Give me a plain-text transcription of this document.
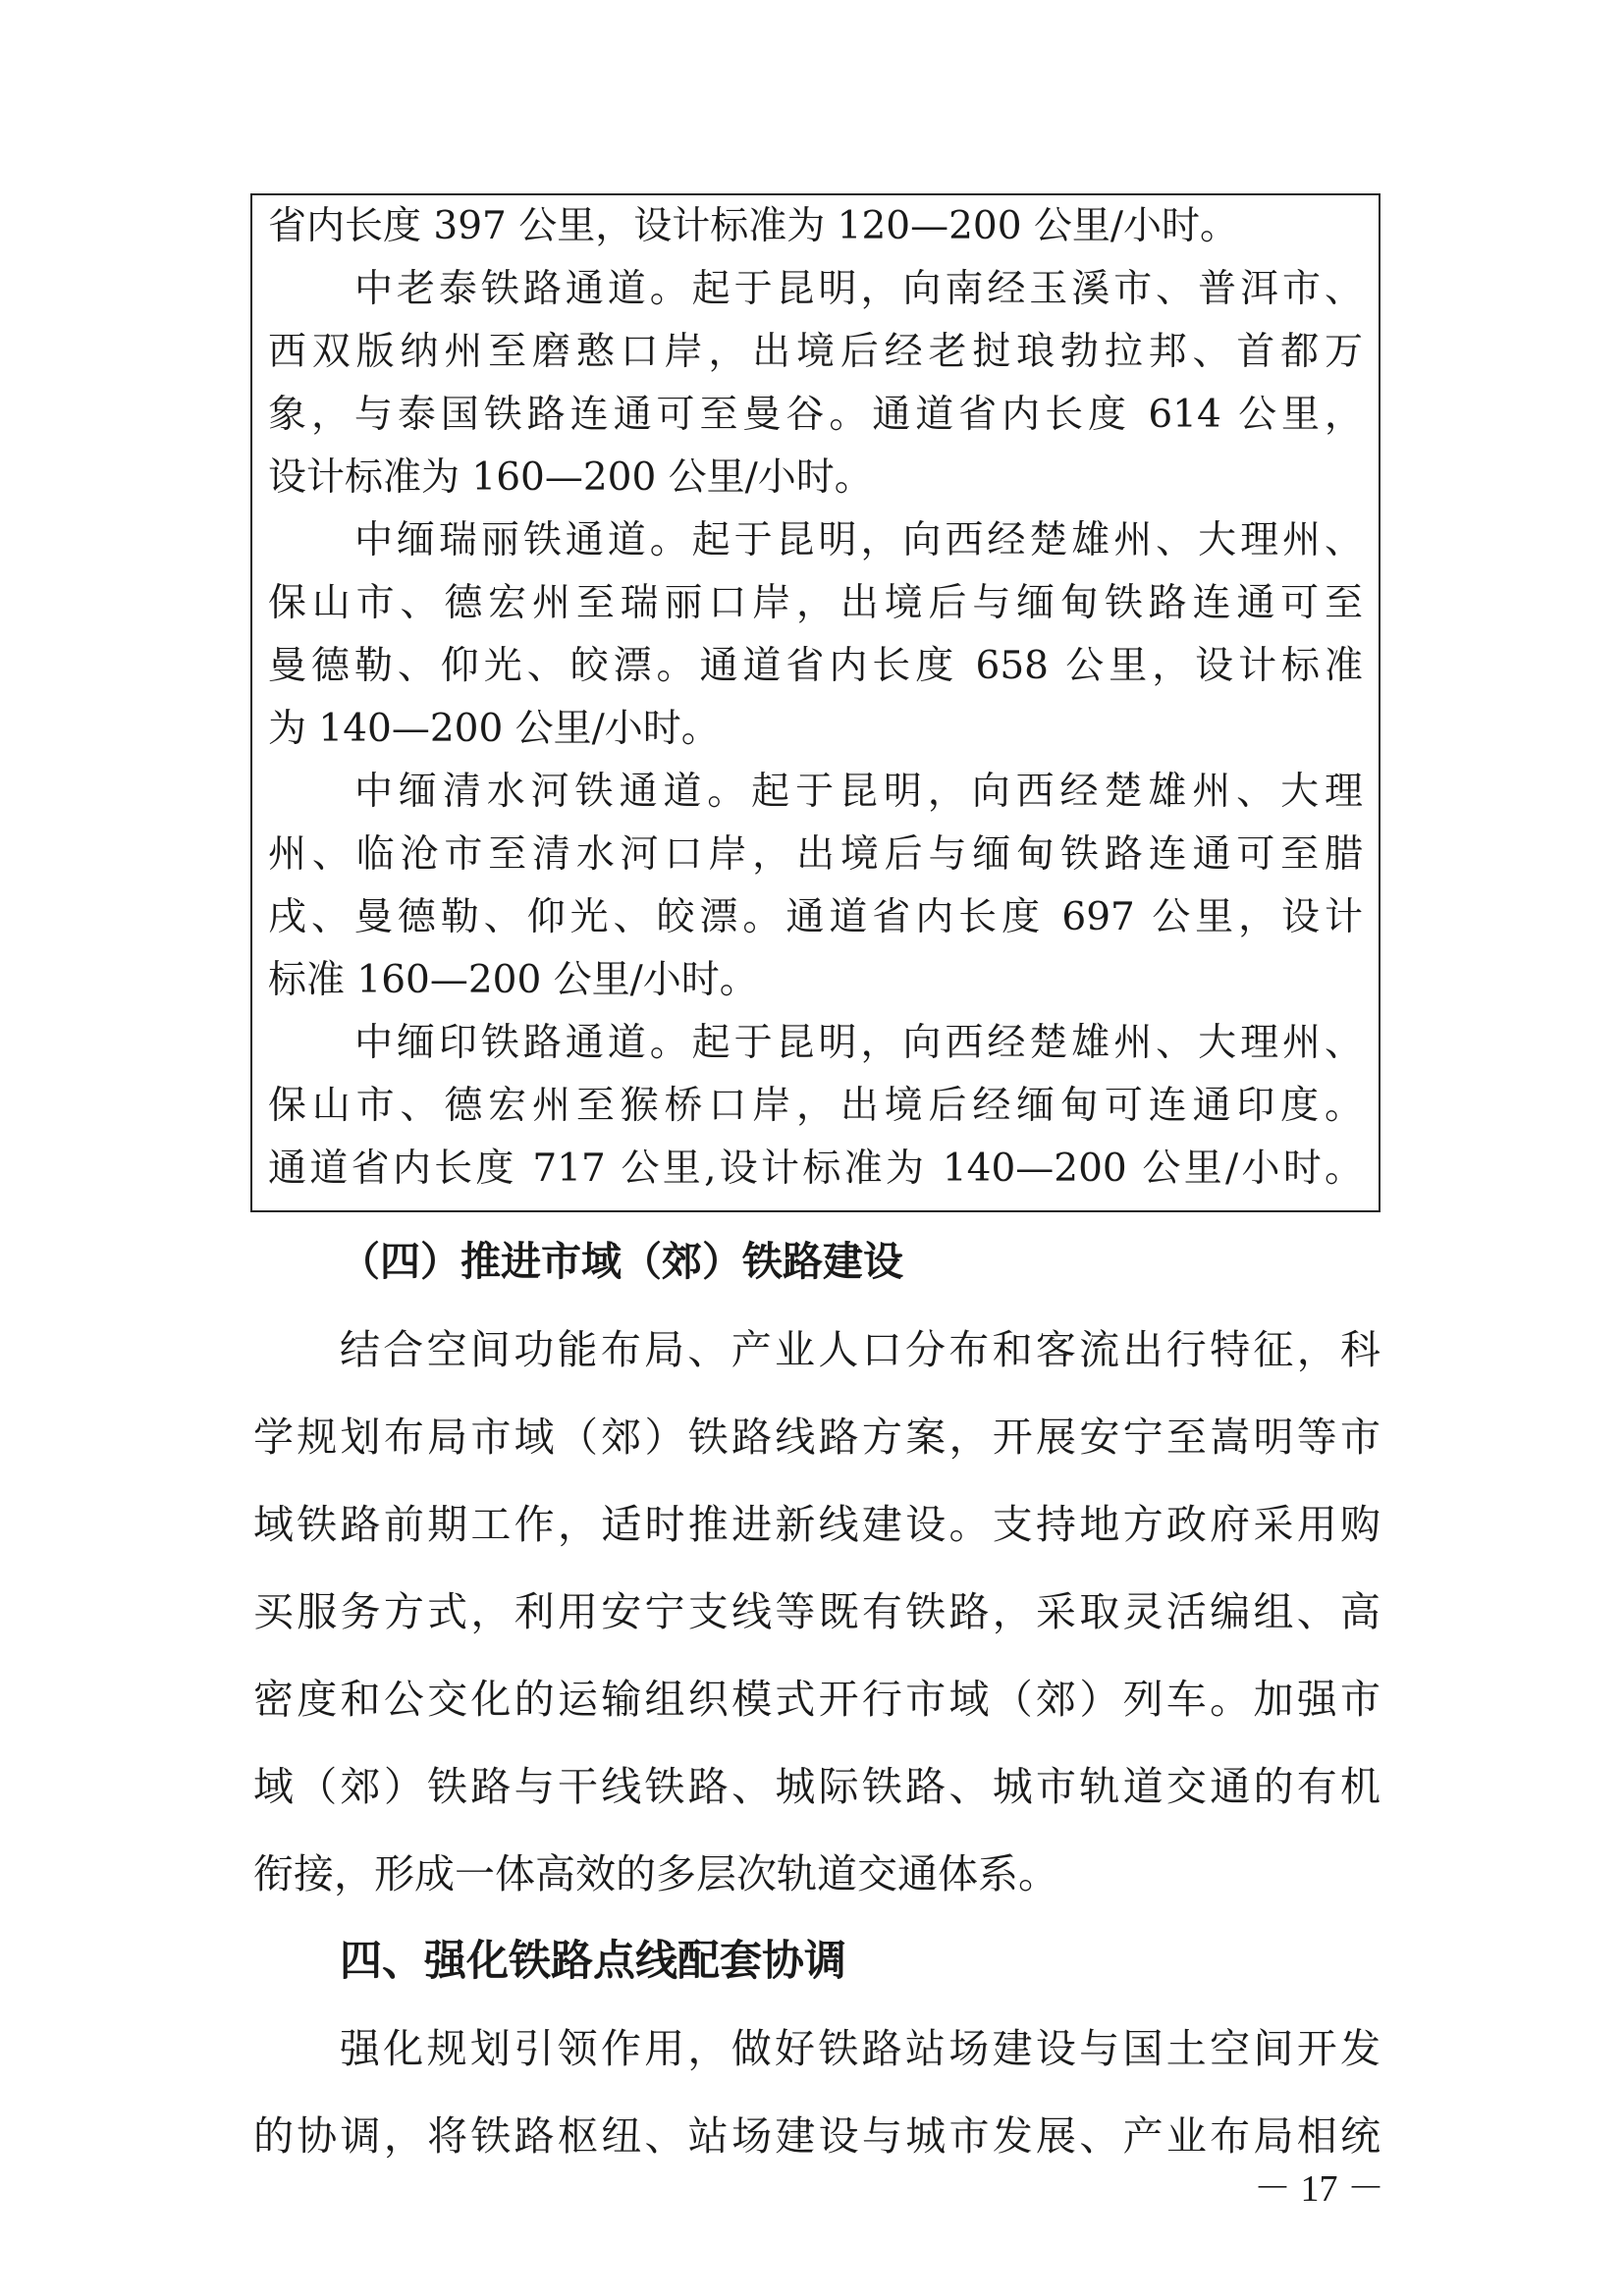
省内长度 397 公里，设计标准为 120—200 公里/小时。
中老泰铁路通道。起于昆明，向南经玉溪市、普洱市、
西双版纳州至磨憨口岸，出境后经老挝琅勃拉邦、首都万
象，与泰国铁路连通可至曼谷。通道省内长度 614 公里，
设计标准为 160—200 公里/小时。
中缅瑞丽铁通道。起于昆明，向西经楚雄州、大理州、
保山市、德宏州至瑞丽口岸，出境后与缅甸铁路连通可至
曼德勒、仰光、皎漂。通道省内长度 658 公里，设计标准
为 140—200 公里/小时。
中缅清水河铁通道。起于昆明，向西经楚雄州、大理
州、临沧市至清水河口岸，出境后与缅甸铁路连通可至腊
戌、曼德勒、仰光、皎漂。通道省内长度 697 公里，设计
标准 160—200 公里/小时。
中缅印铁路通道。起于昆明，向西经楚雄州、大理州、
保山市、德宏州至猴桥口岸，出境后经缅甸可连通印度。
通道省内长度 717 公里,设计标准为 140—200 公里/小时。
（四）推进市域（郊）铁路建设
结合空间功能布局、产业人口分布和客流出行特征，科
学规划布局市域（郊）铁路线路方案，开展安宁至嵩明等市
域铁路前期工作，适时推进新线建设。支持地方政府采用购
买服务方式，利用安宁支线等既有铁路，采取灵活编组、高
密度和公交化的运输组织模式开行市域（郊）列车。加强市
域（郊）铁路与干线铁路、城际铁路、城市轨道交通的有机
衔接，形成一体高效的多层次轨道交通体系。
四、强化铁路点线配套协调
强化规划引领作用，做好铁路站场建设与国土空间开发
的协调，将铁路枢纽、站场建设与城市发展、产业布局相统
－ 17 －
